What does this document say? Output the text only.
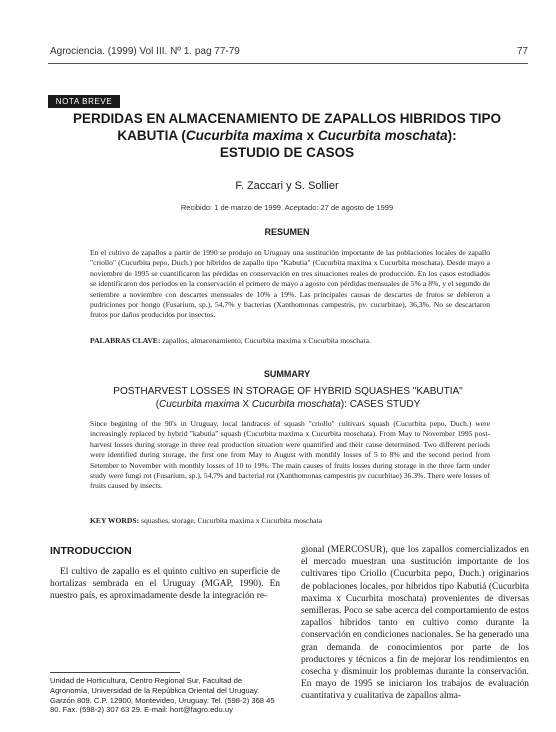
Agrociencia. (1999) Vol III. Nº 1. pag 77-79	77
NOTA BREVE
PERDIDAS EN ALMACENAMIENTO DE ZAPALLOS HIBRIDOS TIPO
KABUTIA (Cucurbita maxima x Cucurbita moschata):
ESTUDIO DE CASOS
F. Zaccari y S. Sollier
Recibido: 1 de marzo de 1999. Aceptado: 27 de agosto de 1999
RESUMEN

En el cultivo de zapallos a partir de 1990 se produjo en Uruguay una sustitución importante de las poblaciones locales de zapallo "criollo" (Cucurbita pepo, Duch.) por híbridos de zapallo tipo "Kabutia" (Cucurbita maxima x Cucurbita moschata). Desde mayo a noviembre de 1995 se cuantificaron las pérdidas en conservación en tres situaciones reales de producción. En los casos estudiados se identificaron dos períodos en la conservación el primero de mayo a agosto con pérdidas mensuales de 5% a 8%, y el segundo de setiembre a noviembre con descartes mensuales de 10% a 19%. Las principales causas de descartes de frutos se debieron a pudriciones por hongo (Fusarium, sp.), 54,7% y bacterias (Xanthomonas campestris, pv. cucurbitae), 36,3%. No se descartaron frutos por daños producidos por insectos.

PALABRAS CLAVE: zapallos, almacenamiento, Cucurbita maxima x Cucurbita moschata.
SUMMARY
POSTHARVEST LOSSES IN STORAGE OF HYBRID SQUASHES "KABUTIA"
(Cucurbita maxima X Cucurbita moschata): CASES STUDY

Since begining of the 90's in Uruguay, local landraces of squash "criollo" cultivars squash (Cucurbita pepo, Duch.) were increasingly replaced by hybrid "kabutia" squash (Cucurbita maxima x Cucurbita moschata). From May to November 1995 post-harvest losses during storage in three real production situation were quantified and their cause determined. Two different periods were identified during storage, the first one from May to August with monthly losses of 5 to 8% and the second period from Setember to November with monthly losses of 10 to 19%. The main causes of fruits losses during storage in the three farm under study were fungi rot (Fusarium, sp.), 54,7% and bacterial rot (Xanthomonas campestris pv cucurbitae) 36.3%. There were losses of fruits caused by insects.

KEY WORDS: squashes, storage, Cucurbita maxima x Cucurbita moschata
INTRODUCCION

El cultivo de zapallo es el quinto cultivo en superficie de hortalizas sembrada en el Uruguay (MGAP, 1990). En nuestro país, es aproximadamente desde la integración re-

gional (MERCOSUR), que los zapallos comercializados en el mercado muestran una sustitución importante de los cultivares tipo Criollo (Cucurbita pepo, Duch.) originarios de poblaciones locales, por híbridos tipo Kabutiá (Cucurbita maxima x Cucurbita moschata) provenientes de diversas semilleras. Poco se sabe acerca del comportamiento de estos zapallos híbridos tanto en cultivo como durante la conservación en condiciones nacionales. Se ha generado una gran demanda de conocimientos por parte de los productores y técnicos a fin de mejorar los rendimientos en cosecha y disminuir los problemas durante la conservación. En mayo de 1995 se iniciaron los trabajos de evaluación cuantitativa y cualitativa de zapallos alma-

Unidad de Horticultura, Centro Regional Sur, Facultad de Agronomía, Universidad de la República Oriental del Uruguay. Garzón 809. C.P. 12900, Montevideo, Uruguay. Tel. (598-2) 368 45 80. Fax. (598-2) 307 63 29. E-mail: hort@fagro.edu.uy
